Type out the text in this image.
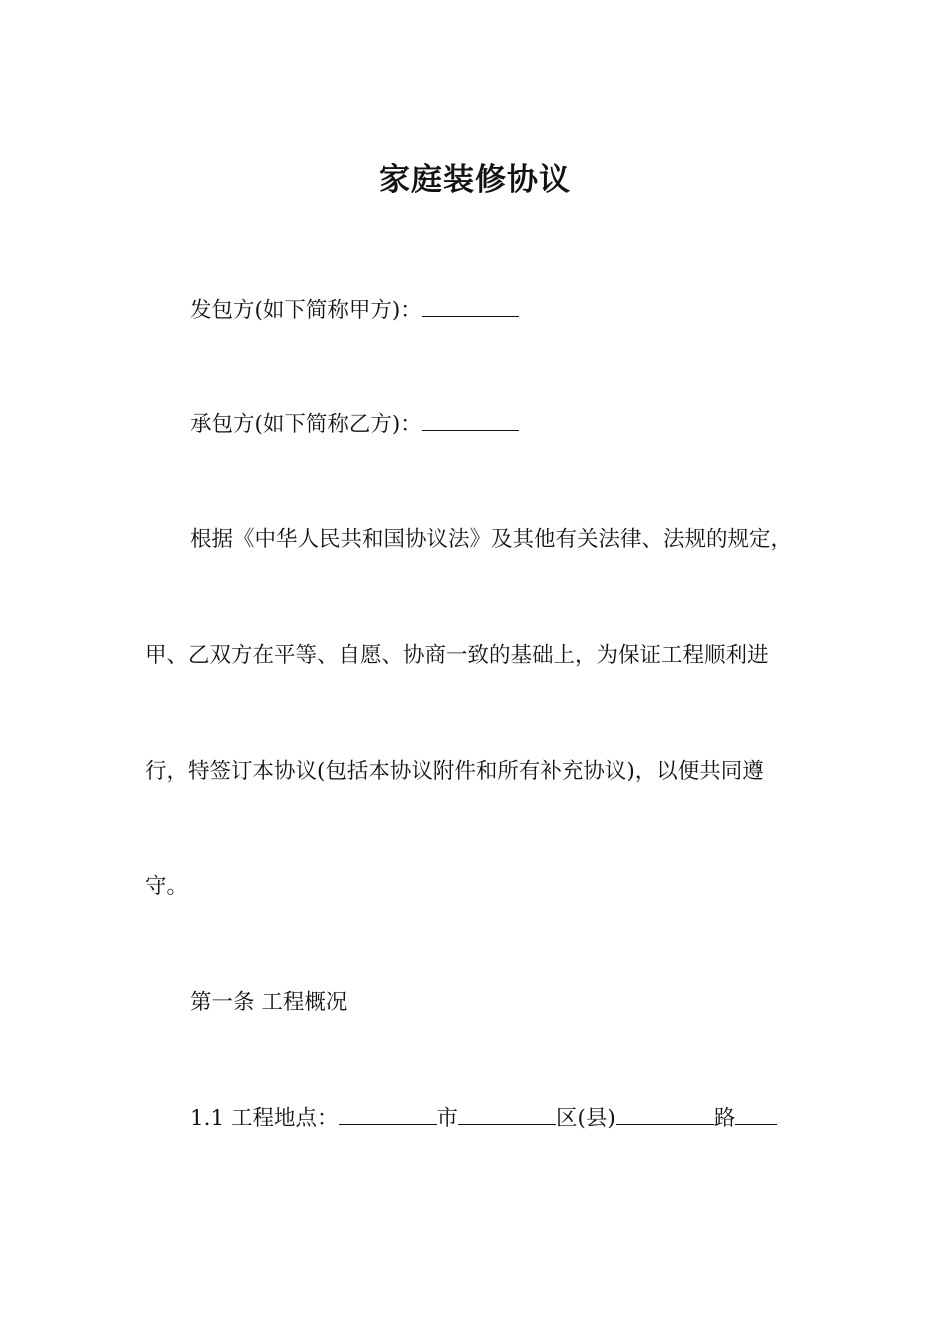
家庭装修协议
发包方(如下简称甲方)：
承包方(如下简称乙方)：
根据《中华人民共和国协议法》及其他有关法律、法规的规定，
甲、乙双方在平等、自愿、协商一致的基础上，为保证工程顺利进
行，特签订本协议(包括本协议附件和所有补充协议)，以便共同遵
守。
第一条 工程概况
1.1 工程地点：	市	区(县)	路
